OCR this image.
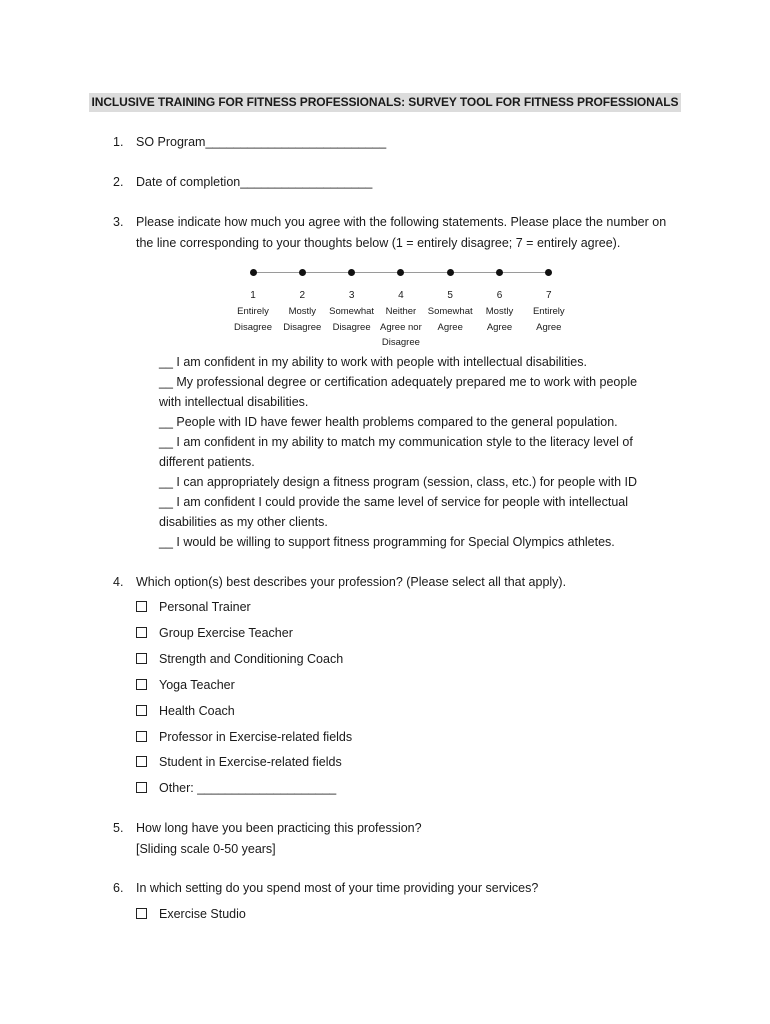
INCLUSIVE TRAINING FOR FITNESS PROFESSIONALS: SURVEY TOOL FOR FITNESS PROFESSIONALS
1. SO Program__________________________
2. Date of completion___________________
3. Please indicate how much you agree with the following statements. Please place the number on
the line corresponding to your thoughts below (1 = entirely disagree; 7 = entirely agree).
1
Entirely
Disagree
2
Mostly
Disagree
3
Somewhat
Disagree
4
Neither
Agree nor
Disagree
5
Somewhat
Agree
6
Mostly
Agree
7
Entirely
Agree
__ I am confident in my ability to work with people with intellectual disabilities.
__ My professional degree or certification adequately prepared me to work with people
with intellectual disabilities.
__ People with ID have fewer health problems compared to the general population.
__ I am confident in my ability to match my communication style to the literacy level of
different patients.
__ I can appropriately design a fitness program (session, class, etc.) for people with ID
__ I am confident I could provide the same level of service for people with intellectual
disabilities as my other clients.
__ I would be willing to support fitness programming for Special Olympics athletes.
4. Which option(s) best describes your profession? (Please select all that apply).
Personal Trainer
Group Exercise Teacher
Strength and Conditioning Coach
Yoga Teacher
Health Coach
Professor in Exercise-related fields
Student in Exercise-related fields
Other: ____________________
5. How long have you been practicing this profession?
[Sliding scale 0-50 years]
6. In which setting do you spend most of your time providing your services?
Exercise Studio
